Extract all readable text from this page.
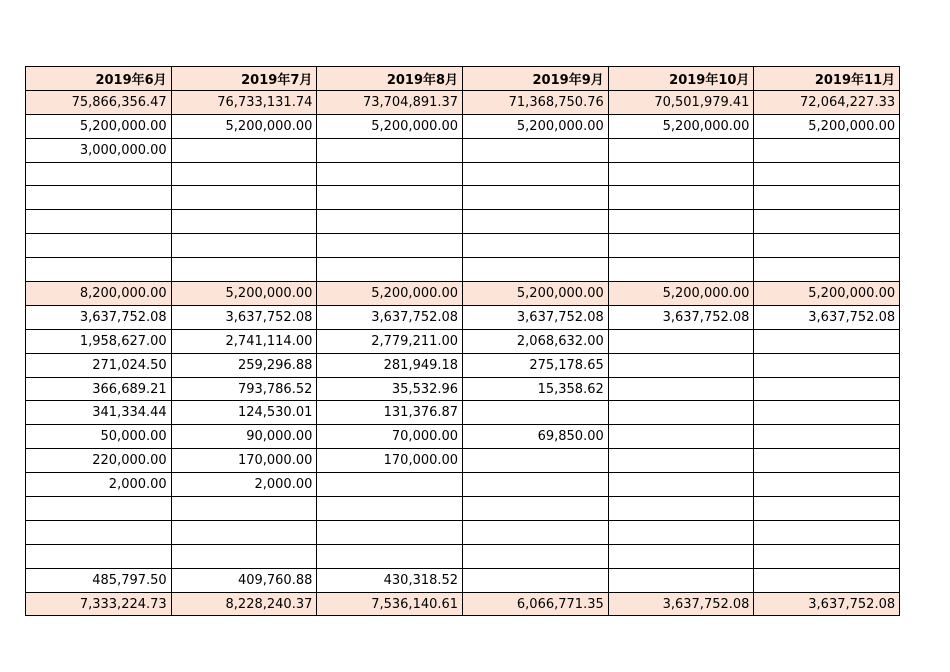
2019年6月	2019年7月	2019年8月	2019年9月	2019年10月	2019年11月
75,866,356.47	76,733,131.74	73,704,891.37	71,368,750.76	70,501,979.41	72,064,227.33
5,200,000.00	5,200,000.00	5,200,000.00	5,200,000.00	5,200,000.00	5,200,000.00
3,000,000.00					

8,200,000.00	5,200,000.00	5,200,000.00	5,200,000.00	5,200,000.00	5,200,000.00
3,637,752.08	3,637,752.08	3,637,752.08	3,637,752.08	3,637,752.08	3,637,752.08
1,958,627.00	2,741,114.00	2,779,211.00	2,068,632.00		
271,024.50	259,296.88	281,949.18	275,178.65		
366,689.21	793,786.52	35,532.96	15,358.62		
341,334.44	124,530.01	131,376.87			
50,000.00	90,000.00	70,000.00	69,850.00		
220,000.00	170,000.00	170,000.00			
2,000.00	2,000.00				

485,797.50	409,760.88	430,318.52			
7,333,224.73	8,228,240.37	7,536,140.61	6,066,771.35	3,637,752.08	3,637,752.08
